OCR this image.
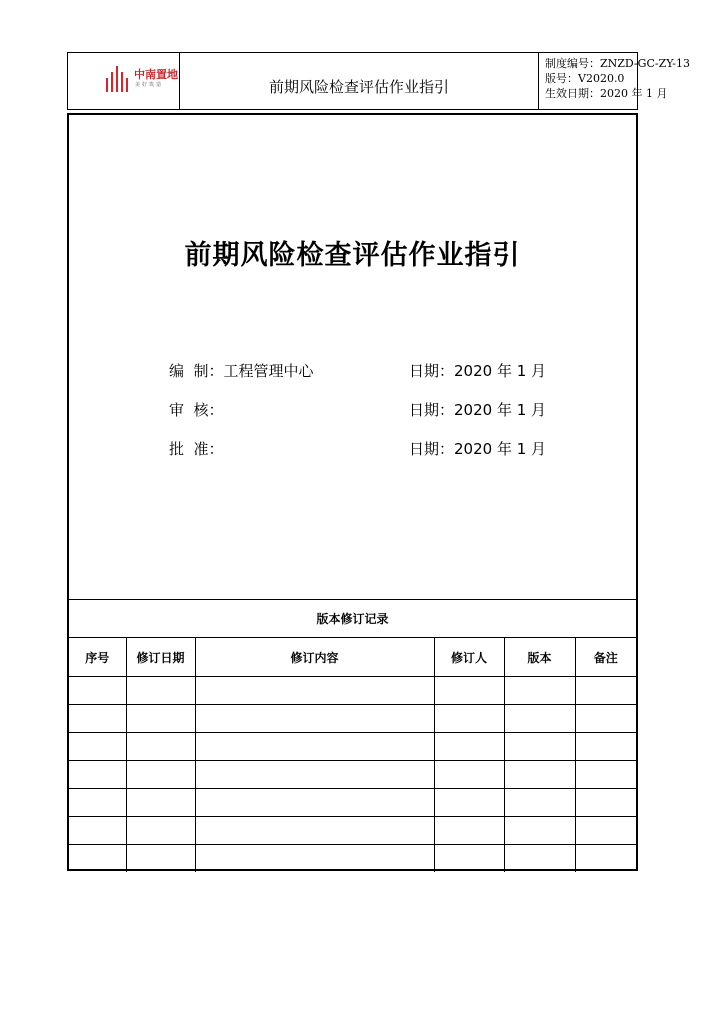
中南置地
美好筑造	前期风险检查评估作业指引
制度编号：ZNZD-GC-ZY-13
版号：V2020.0
生效日期：2020 年 1 月
前期风险检查评估作业指引
编  制：工程管理中心	日期：2020 年 1 月
审  核：	日期：2020 年 1 月
批  准：	日期：2020 年 1 月
版本修订记录					
序号	修订日期	修订内容	修订人	版本	备注
